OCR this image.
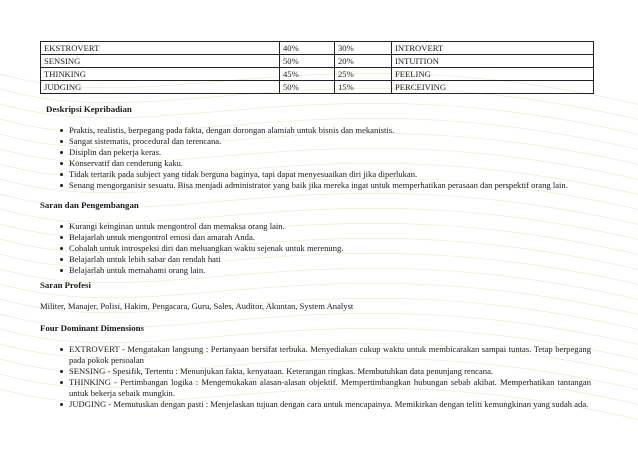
EKSTROVERT	40%	30%	INTROVERT
SENSING	50%	20%	INTUITION
THINKING	45%	25%	FEELING
JUDGING	50%	15%	PERCEIVING
Deskripsi Kepribadian
Praktis, realistis, berpegang pada fakta, dengan dorongan alamiah untuk bisnis dan mekanistis.
Sangat sistematis, procedural dan terencana.
Disiplin dan pekerja keras.
Konservatif dan cenderung kaku.
Tidak tertarik pada subject yang tidak berguna baginya, tapi dapat menyesuaikan diri jika diperlukan.
Senang mengorganisir sesuatu. Bisa menjadi administrator yang baik jika mereka ingat untuk memperhatikan perasaan dan perspektif orang lain.
Saran dan Pengembangan
Kurangi keinginan untuk mengontrol dan memaksa orang lain.
Belajarlah untuk mengontrol emosi dan amarah Anda.
Cobalah untuk introspeksi diri dan meluangkan waktu sejenak untuk merenung.
Belajarlah untuk lebih sabar dan rendah hati
Belajarlah untuk memahami orang lain.
Saran Profesi
Militer, Manajer, Polisi, Hakim, Pengacara, Guru, Sales, Auditor, Akuntan, System Analyst
Four Dominant Dimensions
EXTROVERT - Mengatakan langsung : Pertanyaan bersifat terbuka. Menyediakan cukup waktu untuk membicarakan sampai tuntas. Tetap berpegang pada pokok persoalan
SENSING - Spesifik, Tertentu : Menunjukan fakta, kenyataan. Keterangan ringkas. Membutuhkan data penunjang rencana.
THINKING - Pertimbangan logika : Mengemukakan alasan-alasan objektif. Mempertimbangkan hubungan sebab akibat. Memperhatikan tantangan untuk bekerja sebaik mungkin.
JUDGING - Memutuskan dengan pasti : Menjelaskan tujuan dengan cara untuk mencapainya. Memikirkan dengan teliti kemungkinan yang sudah ada.
